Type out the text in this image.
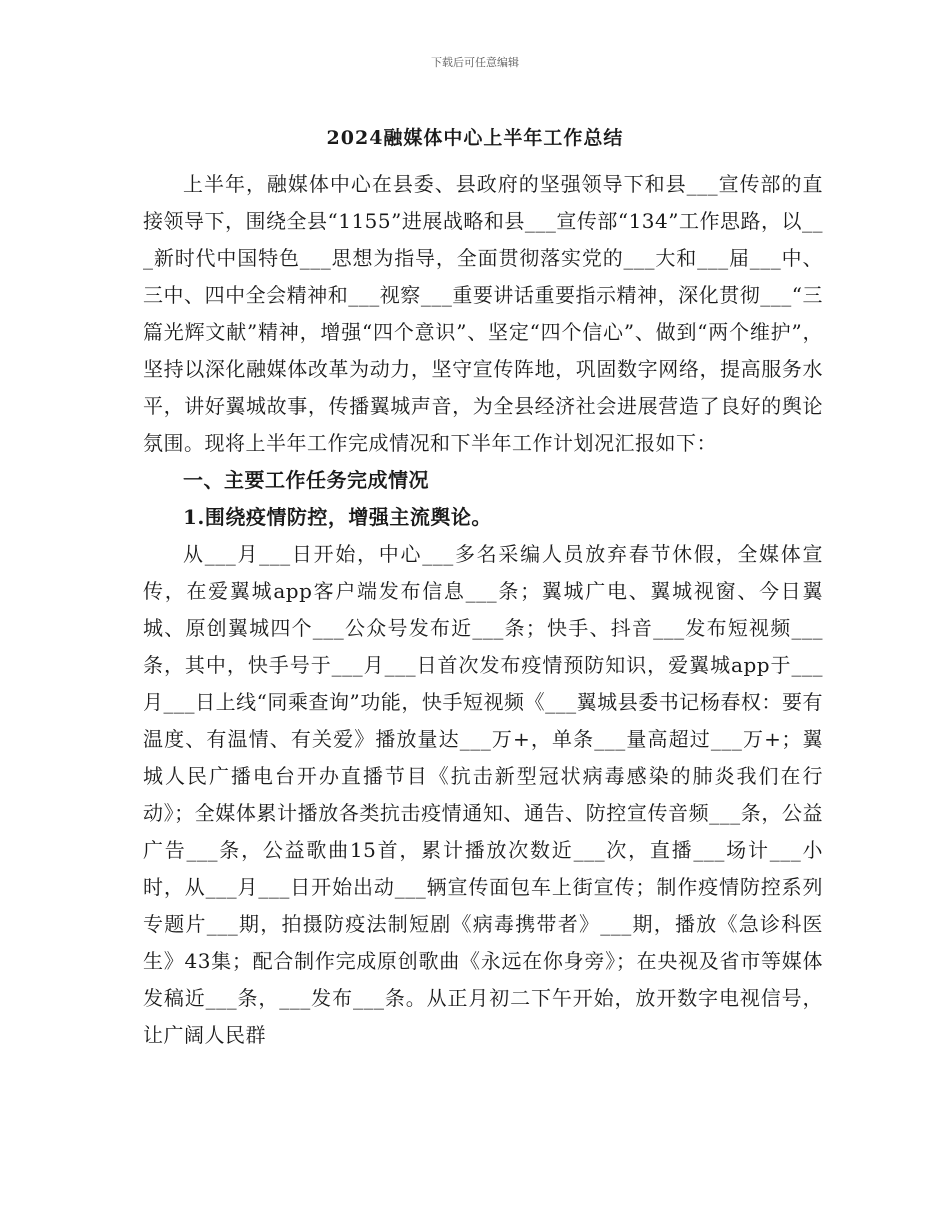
下载后可任意编辑
2024融媒体中心上半年工作总结

上半年，融媒体中心在县委、县政府的坚强领导下和县___宣传部的直接领导下，围绕全县“1155”进展战略和县___宣传部“134”工作思路，以___新时代中国特色___思想为指导，全面贯彻落实党的___大和___届___中、三中、四中全会精神和___视察___重要讲话重要指示精神，深化贯彻___“三篇光辉文献”精神，增强“四个意识”、坚定“四个信心”、做到“两个维护”，坚持以深化融媒体改革为动力，坚守宣传阵地，巩固数字网络，提高服务水平，讲好翼城故事，传播翼城声音，为全县经济社会进展营造了良好的舆论氛围。现将上半年工作完成情况和下半年工作计划况汇报如下：

一、主要工作任务完成情况

1.围绕疫情防控，增强主流舆论。

从___月___日开始，中心___多名采编人员放弃春节休假，全媒体宣传，在爱翼城app客户端发布信息___条；翼城广电、翼城视窗、今日翼城、原创翼城四个___公众号发布近___条；快手、抖音___发布短视频___条，其中，快手号于___月___日首次发布疫情预防知识，爱翼城app于___月___日上线“同乘查询”功能，快手短视频《___翼城县委书记杨春权：要有温度、有温情、有关爱》播放量达___万+，单条___量高超过___万+；翼城人民广播电台开办直播节目《抗击新型冠状病毒感染的肺炎我们在行动》；全媒体累计播放各类抗击疫情通知、通告、防控宣传音频___条，公益广告___条，公益歌曲15首，累计播放次数近___次，直播___场计___小时，从___月___日开始出动___辆宣传面包车上街宣传；制作疫情防控系列专题片___期，拍摄防疫法制短剧《病毒携带者》___期，播放《急诊科医生》43集；配合制作完成原创歌曲《永远在你身旁》；在央视及省市等媒体发稿近___条，___发布___条。从正月初二下午开始，放开数字电视信号，让广阔人民群
